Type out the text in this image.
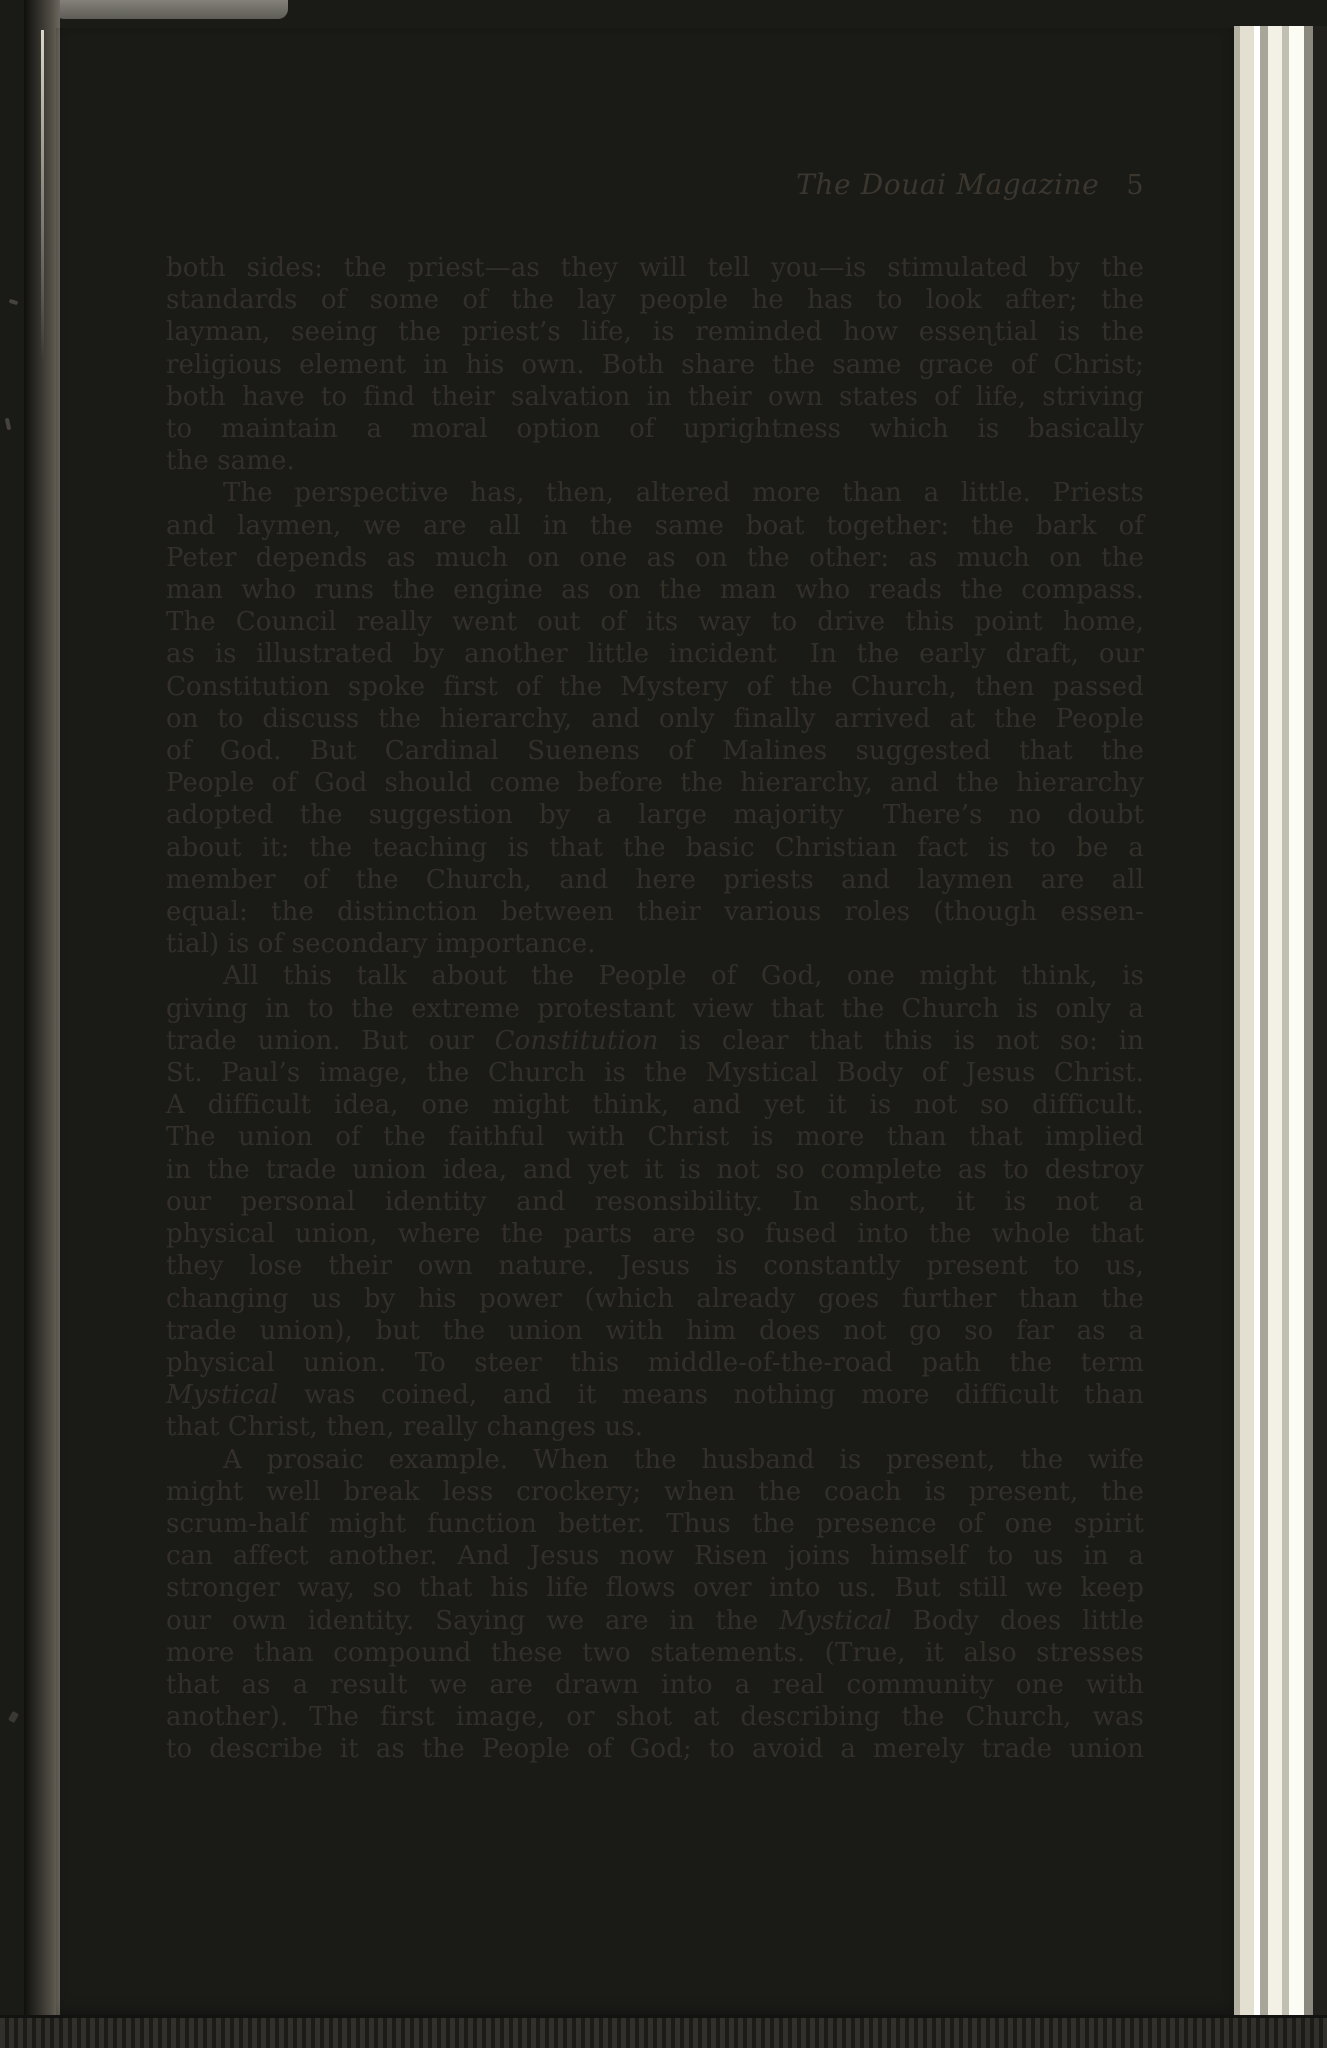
The Douai Magazine 5
both sides: the priest—as they will tell you—is stimulated by the
standards of some of the lay people he has to look after; the
layman, seeing the priest’s life, is reminded how esseɳtial is the
religious element in his own. Both share the same grace of Christ;
both have to find their salvation in their own states of life, striving
to maintain a moral option of uprightness which is basically
the same.
The perspective has, then, altered more than a little. Priests
and laymen, we are all in the same boat together: the bark of
Peter depends as much on one as on the other: as much on the
man who runs the engine as on the man who reads the compass.
The Council really went out of its way to drive this point home,
as is illustrated by another little incident  In the early draft, our
Constitution spoke first of the Mystery of the Church, then passed
on to discuss the hierarchy, and only finally arrived at the People
of God. But Cardinal Suenens of Malines suggested that the
People of God should come before the hierarchy, and the hierarchy
adopted the suggestion by a large majority  There’s no doubt
about it: the teaching is that the basic Christian fact is to be a
member of the Church, and here priests and laymen are all
equal: the distinction between their various roles (though essen-
tial) is of secondary importance.
All this talk about the People of God, one might think, is
giving in to the extreme protestant view that the Church is only a
trade union. But our Constitution is clear that this is not so: in
St. Paul’s image, the Church is the Mystical Body of Jesus Christ.
A difficult idea, one might think, and yet it is not so difficult.
The union of the faithful with Christ is more than that implied
in the trade union idea, and yet it is not so complete as to destroy
our personal identity and resonsibility. In short, it is not a
physical union, where the parts are so fused into the whole that
they lose their own nature. Jesus is constantly present to us,
changing us by his power (which already goes further than the
trade union), but the union with him does not go so far as a
physical union. To steer this middle-of-the-road path the term
Mystical was coined, and it means nothing more difficult than
that Christ, then, really changes us.
A prosaic example. When the husband is present, the wife
might well break less crockery; when the coach is present, the
scrum-half might function better. Thus the presence of one spirit
can affect another. And Jesus now Risen joins himself to us in a
stronger way, so that his life flows over into us. But still we keep
our own identity. Saying we are in the Mystical Body does little
more than compound these two statements. (True, it also stresses
that as a result we are drawn into a real community one with
another). The first image, or shot at describing the Church, was
to describe it as the People of God; to avoid a merely trade union
